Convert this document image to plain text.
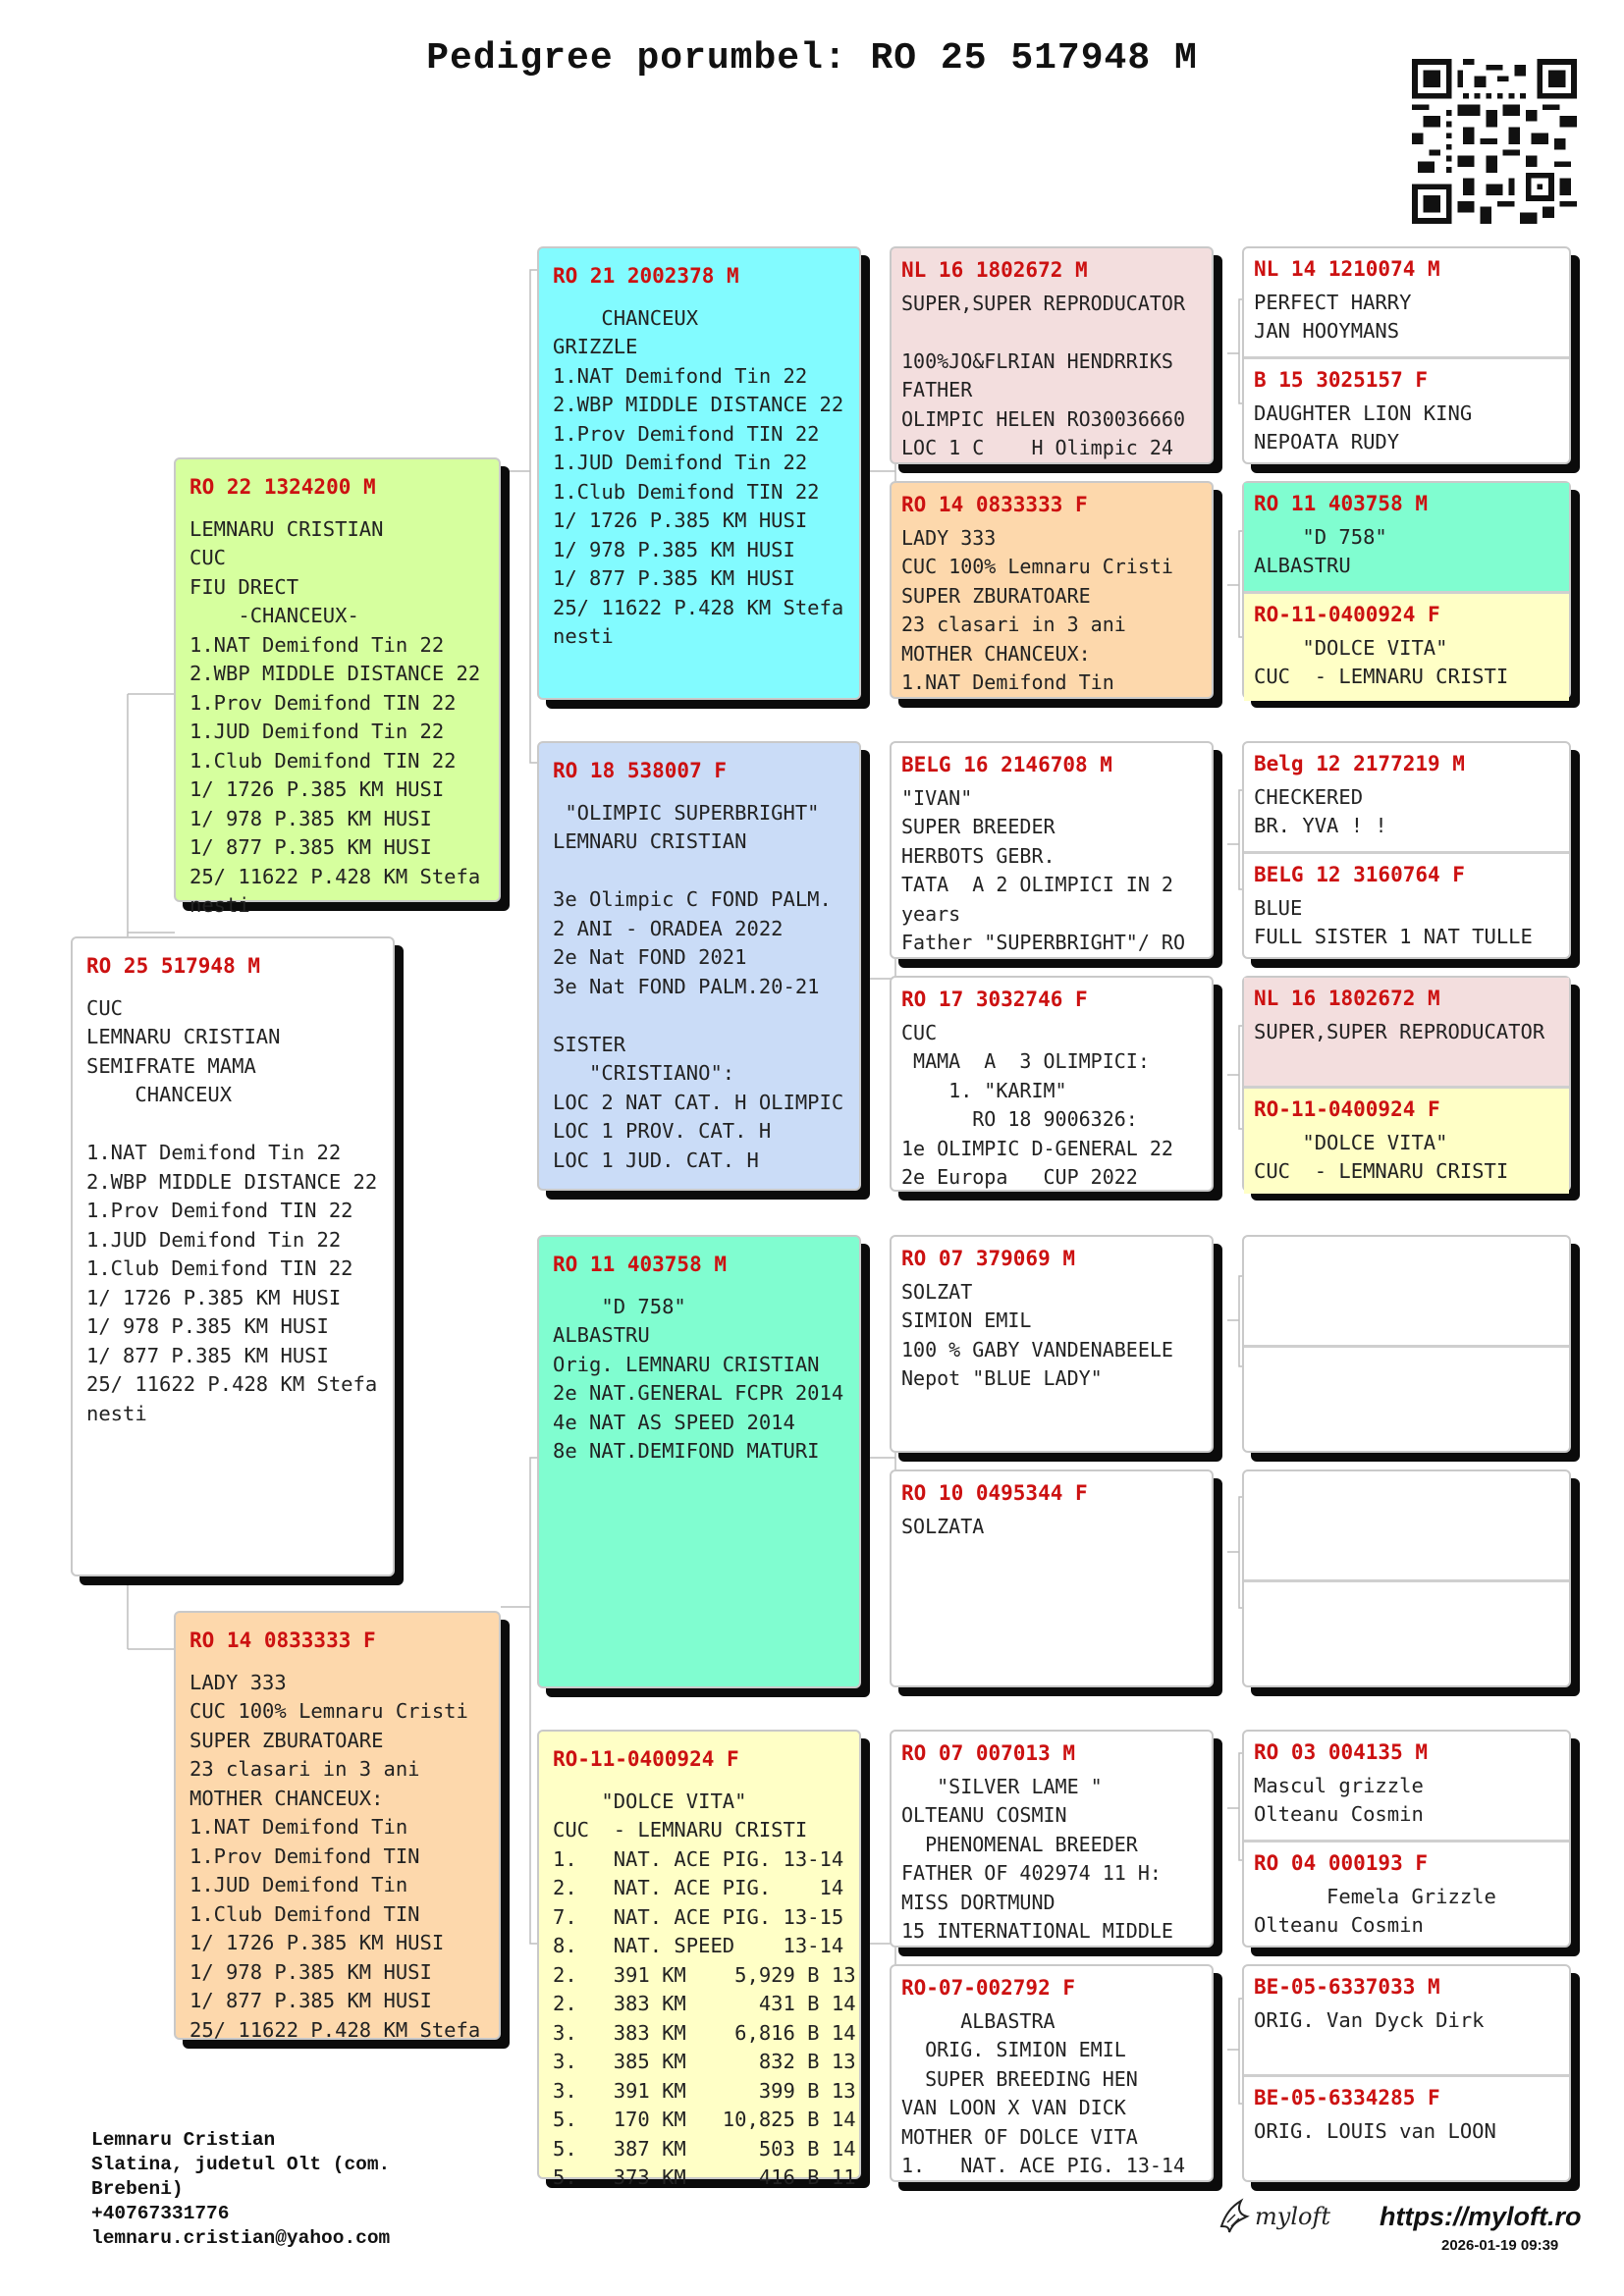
Pedigree porumbel: RO 25 517948 M
RO 25 517948 M
CUC
LEMNARU CRISTIAN
SEMIFRATE MAMA
CHANCEUX

1.NAT Demifond Tin 22
2.WBP MIDDLE DISTANCE 22
1.Prov Demifond TIN 22
1.JUD Demifond Tin 22
1.Club Demifond TIN 22
1/ 1726 P.385 KM HUSI
1/ 978 P.385 KM HUSI
1/ 877 P.385 KM HUSI
25/ 11622 P.428 KM Stefa
nesti
RO 22 1324200 M
LEMNARU CRISTIAN
CUC
FIU DRECT
-CHANCEUX-
1.NAT Demifond Tin 22
2.WBP MIDDLE DISTANCE 22
1.Prov Demifond TIN 22
1.JUD Demifond Tin 22
1.Club Demifond TIN 22
1/ 1726 P.385 KM HUSI
1/ 978 P.385 KM HUSI
1/ 877 P.385 KM HUSI
25/ 11622 P.428 KM Stefa
nesti
RO 14 0833333 F
LADY 333
CUC 100% Lemnaru Cristi
SUPER ZBURATOARE
23 clasari in 3 ani
MOTHER CHANCEUX:
1.NAT Demifond Tin
1.Prov Demifond TIN
1.JUD Demifond Tin
1.Club Demifond TIN
1/ 1726 P.385 KM HUSI
1/ 978 P.385 KM HUSI
1/ 877 P.385 KM HUSI
25/ 11622 P.428 KM Stefa
RO 21 2002378 M
CHANCEUX
GRIZZLE
1.NAT Demifond Tin 22
2.WBP MIDDLE DISTANCE 22
1.Prov Demifond TIN 22
1.JUD Demifond Tin 22
1.Club Demifond TIN 22
1/ 1726 P.385 KM HUSI
1/ 978 P.385 KM HUSI
1/ 877 P.385 KM HUSI
25/ 11622 P.428 KM Stefa
nesti
RO 18 538007 F
"OLIMPIC SUPERBRIGHT"
LEMNARU CRISTIAN

3e Olimpic C FOND PALM.
2 ANI - ORADEA 2022
2e Nat FOND 2021
3e Nat FOND PALM.20-21

SISTER
"CRISTIANO":
LOC 2 NAT CAT. H OLIMPIC
LOC 1 PROV. CAT. H
LOC 1 JUD. CAT. H
RO 11 403758 M
"D 758"
ALBASTRU
Orig. LEMNARU CRISTIAN
2e NAT.GENERAL FCPR 2014
4e NAT AS SPEED 2014
8e NAT.DEMIFOND MATURI
RO-11-0400924 F
"DOLCE VITA"
CUC  - LEMNARU CRISTI
1.   NAT. ACE PIG. 13-14
2.   NAT. ACE PIG.    14
7.   NAT. ACE PIG. 13-15
8.   NAT. SPEED    13-14
2.   391 KM    5,929 B 13
2.   383 KM      431 B 14
3.   383 KM    6,816 B 14
3.   385 KM      832 B 13
3.   391 KM      399 B 13
5.   170 KM   10,825 B 14
5.   387 KM      503 B 14
5.   373 KM      416 B 11
NL 16 1802672 M
SUPER,SUPER REPRODUCATOR

100%JO&FLRIAN HENDRRIKS
FATHER
OLIMPIC HELEN RO30036660
LOC 1 C    H Olimpic 24
RO 14 0833333 F
LADY 333
CUC 100% Lemnaru Cristi
SUPER ZBURATOARE
23 clasari in 3 ani
MOTHER CHANCEUX:
1.NAT Demifond Tin
BELG 16 2146708 M
"IVAN"
SUPER BREEDER
HERBOTS GEBR.
TATA  A 2 OLIMPICI IN 2
years
Father "SUPERBRIGHT"/ RO
RO 17 3032746 F
CUC
MAMA  A  3 OLIMPICI:
1. "KARIM"
RO 18 9006326:
1e OLIMPIC D-GENERAL 22
2e Europa   CUP 2022
RO 07 379069 M
SOLZAT
SIMION EMIL
100 % GABY VANDENABEELE
Nepot "BLUE LADY"
RO 10 0495344 F
SOLZATA
RO 07 007013 M
"SILVER LAME "
OLTEANU COSMIN
PHENOMENAL BREEDER
FATHER OF 402974 11 H:
MISS DORTMUND
15 INTERNATIONAL MIDDLE
RO-07-002792 F
ALBASTRA
ORIG. SIMION EMIL
SUPER BREEDING HEN
VAN LOON X VAN DICK
MOTHER OF DOLCE VITA
1.   NAT. ACE PIG. 13-14
NL 14 1210074 M
PERFECT HARRY
JAN HOOYMANS
B 15 3025157 F
DAUGHTER LION KING
NEPOATA RUDY
RO 11 403758 M
"D 758"
ALBASTRU
RO-11-0400924 F
"DOLCE VITA"
CUC  - LEMNARU CRISTI
Belg 12 2177219 M
CHECKERED
BR. YVA ! !
BELG 12 3160764 F
BLUE
FULL SISTER 1 NAT TULLE
NL 16 1802672 M
SUPER,SUPER REPRODUCATOR
RO-11-0400924 F
"DOLCE VITA"
CUC  - LEMNARU CRISTI
RO 03 004135 M
Mascul grizzle
Olteanu Cosmin
RO 04 000193 F
Femela Grizzle
Olteanu Cosmin
BE-05-6337033 M
ORIG. Van Dyck Dirk
BE-05-6334285 F
ORIG. LOUIS van LOON
Lemnaru Cristian
Slatina, judetul Olt (com.
Brebeni)
+40767331776
lemnaru.cristian@yahoo.com
myloft https://myloft.ro
2026-01-19 09:39
